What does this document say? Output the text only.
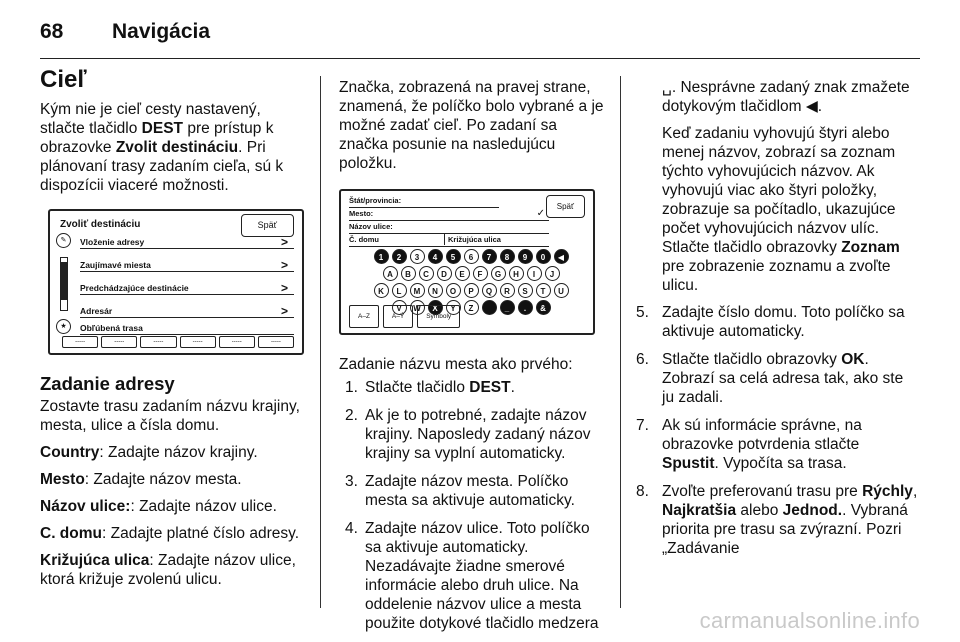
68 Navigácia
Cieľ

Kým nie je cieľ cesty nastavený, stlačte tlačidlo DEST pre prístup k obrazovke Zvolit destináciu. Pri plánovaní trasy zadaním cieľa, sú k dispozícii viaceré možnosti.

Zvoliť destináciu	Späť
✎	Vloženie adresy	>
Zaujímavé miesta	>
Predchádzajúce destinácie	>
Adresár	>
★	Obľúbená trasa
-----	-----	-----	-----	-----	-----
Zadanie adresy

Zostavte trasu zadaním názvu krajiny, mesta, ulice a čísla domu.

Country: Zadajte názov krajiny.

Mesto: Zadajte názov mesta.

Názov ulice:: Zadajte názov ulice.

C. domu: Zadajte platné číslo adresy.

Križujúca ulica: Zadajte názov ulice, ktorá križuje zvolenú ulicu.

Značka, zobrazená na pravej strane, znamená, že políčko bolo vybrané a je možné zadať cieľ. Po zadaní sa značka posunie na nasledujúcu položku.

Štát/provincia:
Späť
Mesto:	✓
Názov ulice:
Č. domu	Križujúca ulica
1	2	3	4	5	6	7	8	9	0	◀
A	B	C	D	E	F	G	H	I	J
K	L	M	N	O	P	Q	R	S	T	U
V	W	X	Y	Z	_	.	&
A–Z	Á–Ý	Symboly

Zadanie názvu mesta ako prvého:

1. Stlačte tlačidlo DEST.
2. Ak je to potrebné, zadajte názov krajiny. Naposledy zadaný názov krajiny sa vyplní automaticky.
3. Zadajte názov mesta. Políčko mesta sa aktivuje automaticky.
4. Zadajte názov ulice. Toto políčko sa aktivuje automaticky. Nezadávajte žiadne smerové informácie alebo druh ulice. Na oddelenie názvov ulice a mesta použite dotykové tlačidlo medzera

␣. Nesprávne zadaný znak zmažete dotykovým tlačidlom ◀.

Keď zadaniu vyhovujú štyri alebo menej názvov, zobrazí sa zoznam týchto vyhovujúcich názvov. Ak vyhovujú viac ako štyri položky, zobrazuje sa počítadlo, ukazujúce počet vyhovujúcich názvov ulíc. Stlačte tlačidlo obrazovky Zoznam pre zobrazenie zoznamu a zvoľte ulicu.

5. Zadajte číslo domu. Toto políčko sa aktivuje automaticky.
6. Stlačte tlačidlo obrazovky OK. Zobrazí sa celá adresa tak, ako ste ju zadali.
7. Ak sú informácie správne, na obrazovke potvrdenia stlačte Spustit. Vypočíta sa trasa.
8. Zvoľte preferovanú trasu pre Rýchly, Najkratšia alebo Jednod.. Vybraná priorita pre trasu sa zvýrazní. Pozri „Zadávanie
carmanualsonline.info
